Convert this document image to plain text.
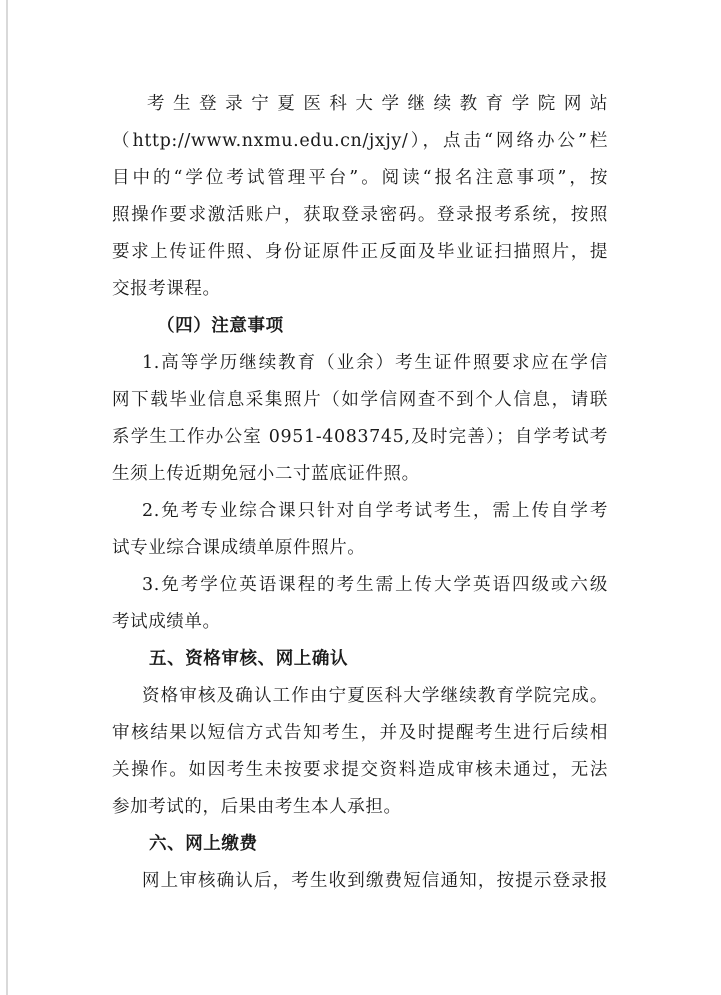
考生登录宁夏医科大学继续教育学院网站
（http://www.nxmu.edu.cn/jxjy/），点击“网络办公”栏
目中的“学位考试管理平台”。阅读“报名注意事项”，按
照操作要求激活账户，获取登录密码。登录报考系统，按照
要求上传证件照、身份证原件正反面及毕业证扫描照片，提
交报考课程。
（四）注意事项
1.高等学历继续教育（业余）考生证件照要求应在学信
网下载毕业信息采集照片（如学信网查不到个人信息，请联
系学生工作办公室 0951-4083745,及时完善）；自学考试考
生须上传近期免冠小二寸蓝底证件照。
2.免考专业综合课只针对自学考试考生，需上传自学考
试专业综合课成绩单原件照片。
3.免考学位英语课程的考生需上传大学英语四级或六级
考试成绩单。
五、资格审核、网上确认
资格审核及确认工作由宁夏医科大学继续教育学院完成。
审核结果以短信方式告知考生，并及时提醒考生进行后续相
关操作。如因考生未按要求提交资料造成审核未通过，无法
参加考试的，后果由考生本人承担。
六、网上缴费
网上审核确认后，考生收到缴费短信通知，按提示登录报
